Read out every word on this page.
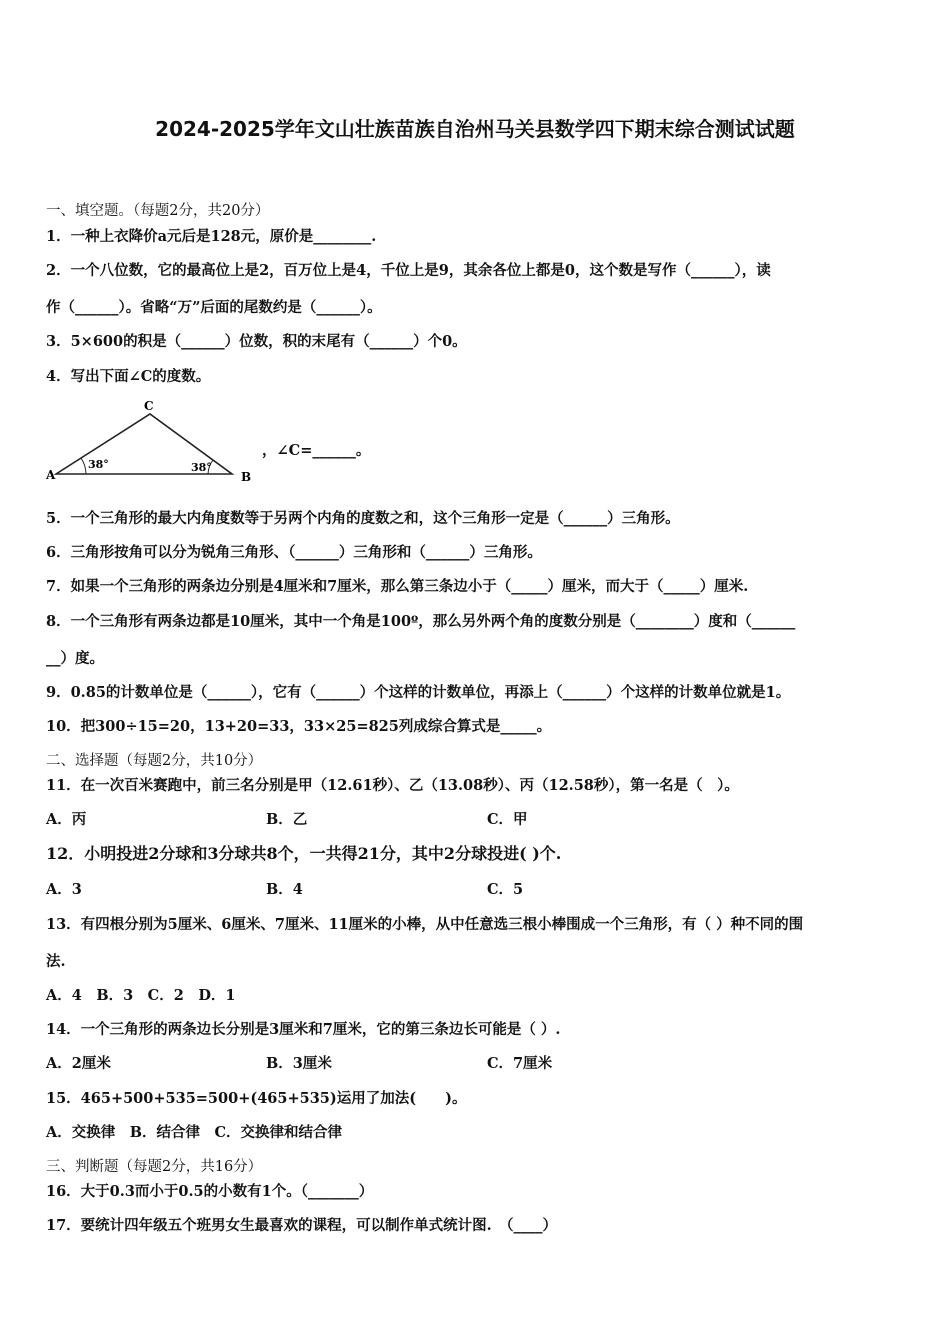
2024-2025学年文山壮族苗族自治州马关县数学四下期末综合测试试题
一、填空题。（每题2分，共20分）
1．一种上衣降价a元后是128元，原价是________.
2．一个八位数，它的最高位上是2，百万位上是4，千位上是9，其余各位上都是0，这个数是写作（______），读
作（______）。省略“万”后面的尾数约是（______）。
3．5×600的积是（______）位数，积的末尾有（______）个0。
4．写出下面∠C的度数。
A	B
C
38°	38°
，∠C=______。
5．一个三角形的最大内角度数等于另两个内角的度数之和，这个三角形一定是（______）三角形。
6．三角形按角可以分为锐角三角形、（______）三角形和（______）三角形。
7．如果一个三角形的两条边分别是4厘米和7厘米，那么第三条边小于（_____）厘米，而大于（_____）厘米.
8．一个三角形有两条边都是10厘米，其中一个角是100º，那么另外两个角的度数分别是（________）度和（______
__）度。
9．0.85的计数单位是（______），它有（______）个这样的计数单位，再添上（______）个这样的计数单位就是1。
10．把300÷15=20，13+20=33，33×25=825列成综合算式是_____。
二、选择题（每题2分，共10分）
11．在一次百米赛跑中，前三名分别是甲（12.61秒）、乙（13.08秒）、丙（12.58秒），第一名是（　）。
A．丙	B．乙	C．甲
12．小明投进2分球和3分球共8个，一共得21分，其中2分球投进( )个.
A．3	B．4	C．5
13．有四根分别为5厘米、6厘米、7厘米、11厘米的小棒，从中任意选三根小棒围成一个三角形，有（ ）种不同的围
法.
A．4　B．3　C．2　D．1
14．一个三角形的两条边长分别是3厘米和7厘米，它的第三条边长可能是（ ）.
A．2厘米	B．3厘米	C．7厘米
15．465+500+535=500+(465+535)运用了加法(　　)。
A．交换律　B．结合律　C．交换律和结合律
三、判断题（每题2分，共16分）
16．大于0.3而小于0.5的小数有1个。（_______）
17．要统计四年级五个班男女生最喜欢的课程，可以制作单式统计图.　（____）
